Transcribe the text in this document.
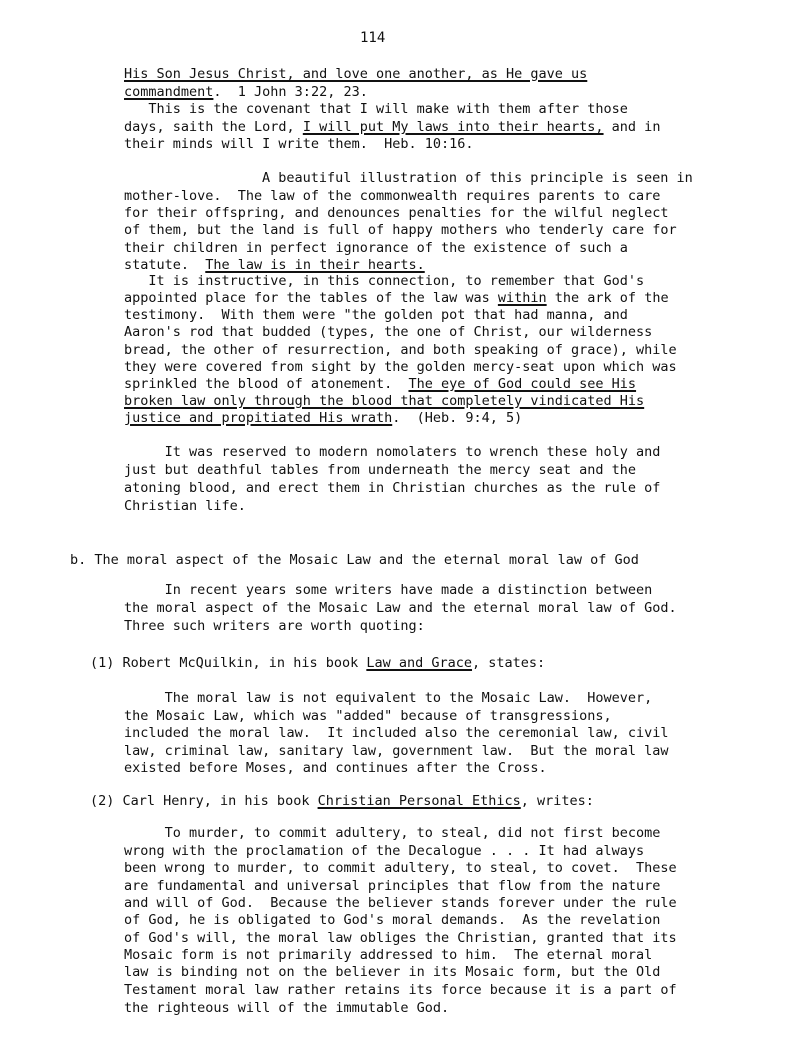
114
His Son Jesus Christ, and love one another, as He gave us
commandment.  1 John 3:22, 23.
This is the covenant that I will make with them after those
days, saith the Lord, I will put My laws into their hearts, and in
their minds will I write them.  Heb. 10:16.
A beautiful illustration of this principle is seen in
mother-love.  The law of the commonwealth requires parents to care
for their offspring, and denounces penalties for the wilful neglect
of them, but the land is full of happy mothers who tenderly care for
their children in perfect ignorance of the existence of such a
statute.  The law is in their hearts.
It is instructive, in this connection, to remember that God's
appointed place for the tables of the law was within the ark of the
testimony.  With them were "the golden pot that had manna, and
Aaron's rod that budded (types, the one of Christ, our wilderness
bread, the other of resurrection, and both speaking of grace), while
they were covered from sight by the golden mercy-seat upon which was
sprinkled the blood of atonement.  The eye of God could see His
broken law only through the blood that completely vindicated His
justice and propitiated His wrath.  (Heb. 9:4, 5)
It was reserved to modern nomolaters to wrench these holy and
just but deathful tables from underneath the mercy seat and the
atoning blood, and erect them in Christian churches as the rule of
Christian life.
b. The moral aspect of the Mosaic Law and the eternal moral law of God
In recent years some writers have made a distinction between
the moral aspect of the Mosaic Law and the eternal moral law of God.
Three such writers are worth quoting:
(1) Robert McQuilkin, in his book Law and Grace, states:
The moral law is not equivalent to the Mosaic Law.  However,
the Mosaic Law, which was "added" because of transgressions,
included the moral law.  It included also the ceremonial law, civil
law, criminal law, sanitary law, government law.  But the moral law
existed before Moses, and continues after the Cross.
(2) Carl Henry, in his book Christian Personal Ethics, writes:
To murder, to commit adultery, to steal, did not first become
wrong with the proclamation of the Decalogue . . . It had always
been wrong to murder, to commit adultery, to steal, to covet.  These
are fundamental and universal principles that flow from the nature
and will of God.  Because the believer stands forever under the rule
of God, he is obligated to God's moral demands.  As the revelation
of God's will, the moral law obliges the Christian, granted that its
Mosaic form is not primarily addressed to him.  The eternal moral
law is binding not on the believer in its Mosaic form, but the Old
Testament moral law rather retains its force because it is a part of
the righteous will of the immutable God.
